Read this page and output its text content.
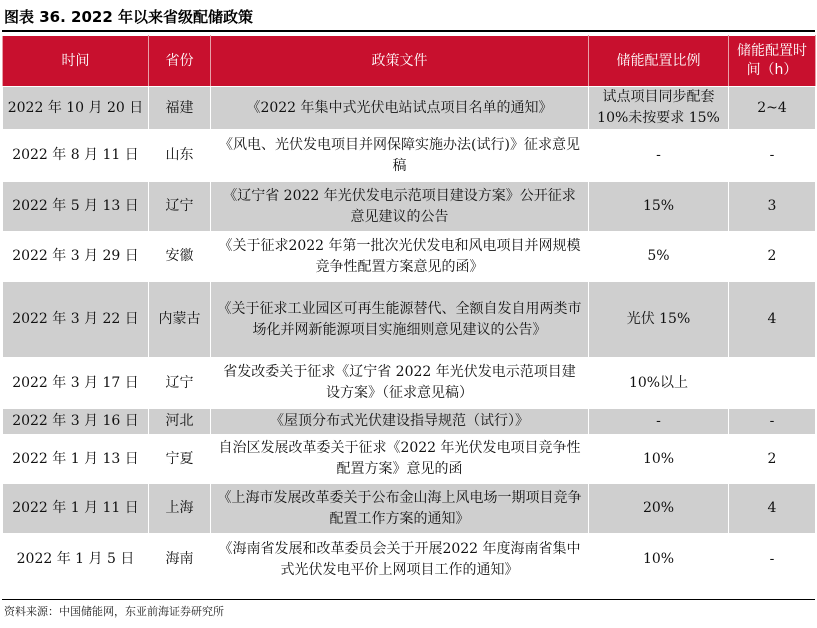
图表 36. 2022 年以来省级配储政策
时间	省份	政策文件	储能配置比例	储能配置时间（h）
2022 年 10 月 20 日	福建	《2022 年集中式光伏电站试点项目名单的通知》	试点项目同步配套10%未按要求 15%	2~4
2022 年 8 月 11 日	山东	《风电、光伏发电项目并网保障实施办法(试行)》征求意见稿	-	-
2022 年 5 月 13 日	辽宁	《辽宁省 2022 年光伏发电示范项目建设方案》公开征求意见建议的公告	15%	3
2022 年 3 月 29 日	安徽	《关于征求2022 年第一批次光伏发电和风电项目并网规模竞争性配置方案意见的函》	5%	2
2022 年 3 月 22 日	内蒙古	《关于征求工业园区可再生能源替代、全额自发自用两类市场化并网新能源项目实施细则意见建议的公告》	光伏 15%	4
2022 年 3 月 17 日	辽宁	省发改委关于征求《辽宁省 2022 年光伏发电示范项目建设方案》（征求意见稿）	10%以上	
2022 年 3 月 16 日	河北	《屋顶分布式光伏建设指导规范（试行）》	-	-
2022 年 1 月 13 日	宁夏	自治区发展改革委关于征求《2022 年光伏发电项目竞争性配置方案》意见的函	10%	2
2022 年 1 月 11 日	上海	《上海市发展改革委关于公布金山海上风电场一期项目竞争配置工作方案的通知》	20%	4
2022 年 1 月 5 日	海南	《海南省发展和改革委员会关于开展2022 年度海南省集中式光伏发电平价上网项目工作的通知》	10%	-
资料来源：中国储能网，东亚前海证券研究所
